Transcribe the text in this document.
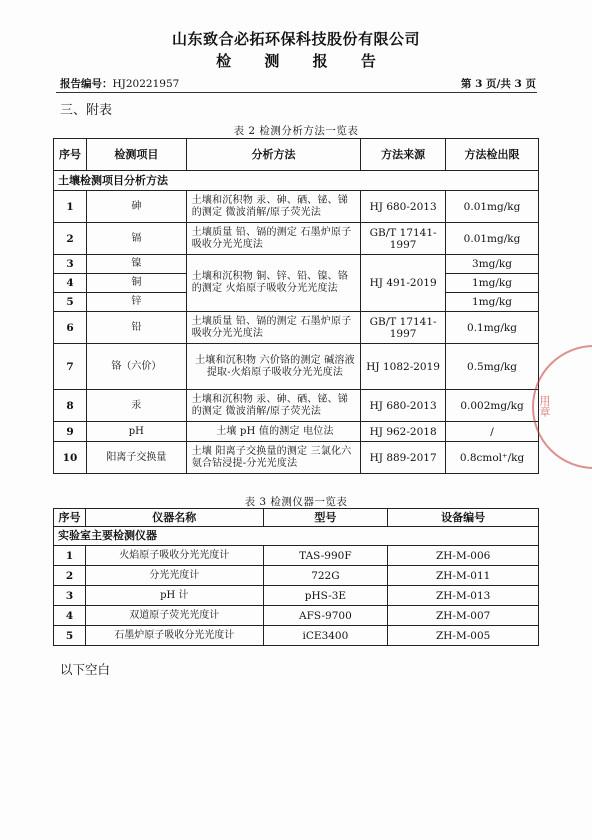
山东致合必拓环保科技股份有限公司
检 测 报 告
报告编号：HJ20221957	第 3 页/共 3 页
三、附表
表 2 检测分析方法一览表
序号	检测项目	分析方法	方法来源	方法检出限
土壤检测项目分析方法				
1	砷	土壤和沉积物 汞、砷、硒、铋、锑的测定 微波消解/原子荧光法	HJ 680-2013	0.01mg/kg
2	镉	土壤质量 铅、镉的测定 石墨炉原子吸收分光光度法	GB/T 17141-1997	0.01mg/kg
3	镍	土壤和沉积物 铜、锌、铅、镍、铬的测定 火焰原子吸收分光光度法	HJ 491-2019	3mg/kg
4	铜			1mg/kg
5	锌			1mg/kg
6	铅	土壤质量 铅、镉的测定 石墨炉原子吸收分光光度法	GB/T 17141-1997	0.1mg/kg
7	铬（六价）	土壤和沉积物 六价铬的测定 碱溶液提取-火焰原子吸收分光光度法	HJ 1082-2019	0.5mg/kg
8	汞	土壤和沉积物 汞、砷、硒、铋、锑的测定 微波消解/原子荧光法	HJ 680-2013	0.002mg/kg
9	pH	土壤 pH 值的测定 电位法	HJ 962-2018	/
10	阳离子交换量	土壤 阳离子交换量的测定 三氯化六氨合钴浸提-分光光度法	HJ 889-2017	0.8cmol⁺/kg
表 3 检测仪器一览表
序号	仪器名称	型号	设备编号
实验室主要检测仪器			
1	火焰原子吸收分光光度计	TAS-990F	ZH-M-006
2	分光光度计	722G	ZH-M-011
3	pH 计	pHS-3E	ZH-M-013
4	双道原子荧光光度计	AFS-9700	ZH-M-007
5	石墨炉原子吸收分光光度计	iCE3400	ZH-M-005
以下空白
用章
